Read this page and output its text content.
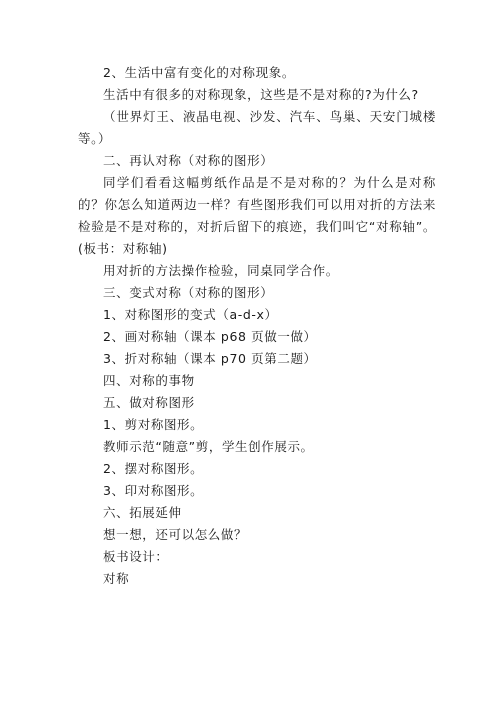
2、生活中富有变化的对称现象。
生活中有很多的对称现象，这些是不是对称的?为什么?

（世界灯王、液晶电视、沙发、汽车、鸟巢、天安门城楼等。）

二、再认对称（对称的图形）

同学们看看这幅剪纸作品是不是对称的？为什么是对称的？你怎么知道两边一样？有些图形我们可以用对折的方法来检验是不是对称的，对折后留下的痕迹，我们叫它“对称轴”。(板书：对称轴)

用对折的方法操作检验，同桌同学合作。
三、变式对称（对称的图形）
1、对称图形的变式（a-d-x）
2、画对称轴（课本 p68 页做一做）
3、折对称轴（课本 p70 页第二题）
四、对称的事物
五、做对称图形
1、剪对称图形。
教师示范“随意”剪，学生创作展示。
2、摆对称图形。
3、印对称图形。
六、拓展延伸
想一想，还可以怎么做？
板书设计：
对称
